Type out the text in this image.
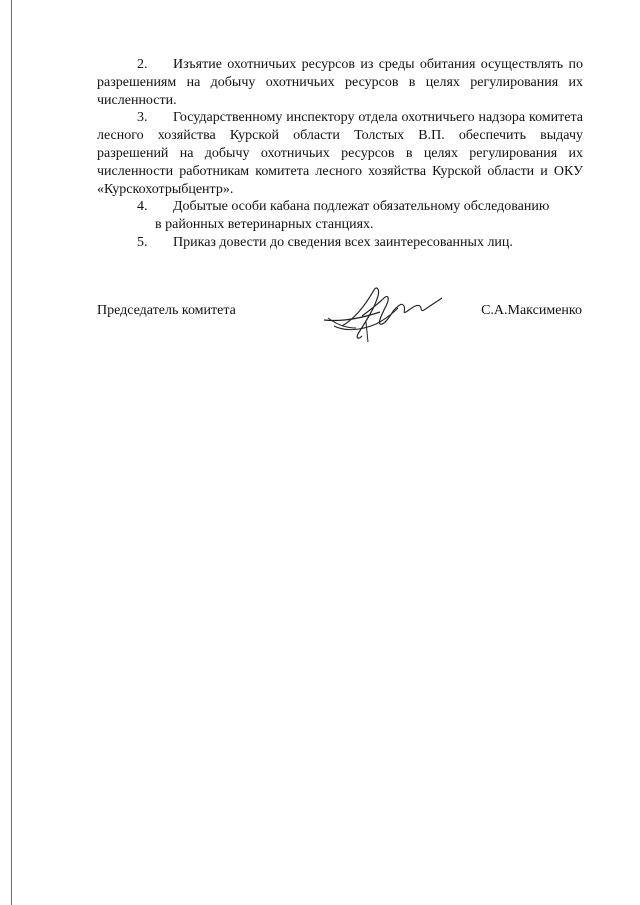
2. Изъятие охотничьих ресурсов из среды обитания осуществлять по разрешениям на добычу охотничьих ресурсов в целях регулирования их численности.

3. Государственному инспектору отдела охотничьего надзора комитета лесного хозяйства Курской области Толстых В.П. обеспечить выдачу разрешений на добычу охотничьих ресурсов в целях регулирования их численности работникам комитета лесного хозяйства Курской области и ОКУ «Курскохотрыбцентр».

4. Добытые особи кабана подлежат обязательному обследованию
в районных ветеринарных станциях.

5. Приказ довести до сведения всех заинтересованных лиц.

Председатель комитета	С.А.Максименко
